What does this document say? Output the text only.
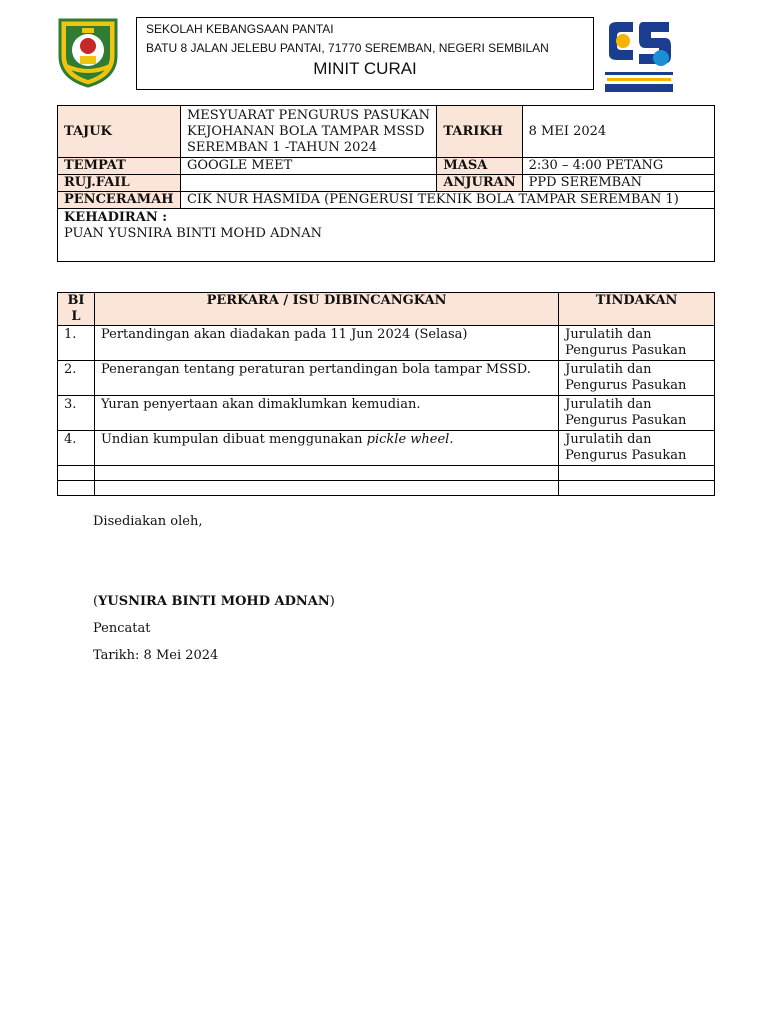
SEKOLAH KEBANGSAAN PANTAI
BATU 8 JALAN JELEBU PANTAI, 71770 SEREMBAN, NEGERI SEMBILAN
MINIT CURAI
TAJUK	MESYUARAT PENGURUS PASUKAN KEJOHANAN BOLA TAMPAR MSSD SEREMBAN 1 -TAHUN 2024	TARIKH	8 MEI 2024
TEMPAT	GOOGLE MEET	MASA	2:30 – 4:00 PETANG
RUJ.FAIL		ANJURAN	PPD SEREMBAN
PENCERAMAH	CIK NUR HASMIDA (PENGERUSI TEKNIK BOLA TAMPAR SEREMBAN 1)		

KEHADIRAN :
PUAN YUSNIRA BINTI MOHD ADNAN			
BI L	PERKARA / ISU DIBINCANGKAN	TINDAKAN
1.	Pertandingan akan diadakan pada 11 Jun 2024 (Selasa)	Jurulatih dan Pengurus Pasukan
2.	Penerangan tentang peraturan pertandingan bola tampar MSSD.	Jurulatih dan Pengurus Pasukan
3.	Yuran penyertaan akan dimaklumkan kemudian.	Jurulatih dan Pengurus Pasukan
4.	Undian kumpulan dibuat menggunakan pickle wheel.	Jurulatih dan Pengurus Pasukan

Disediakan oleh,
(YUSNIRA BINTI MOHD ADNAN)
Pencatat
Tarikh: 8 Mei 2024
